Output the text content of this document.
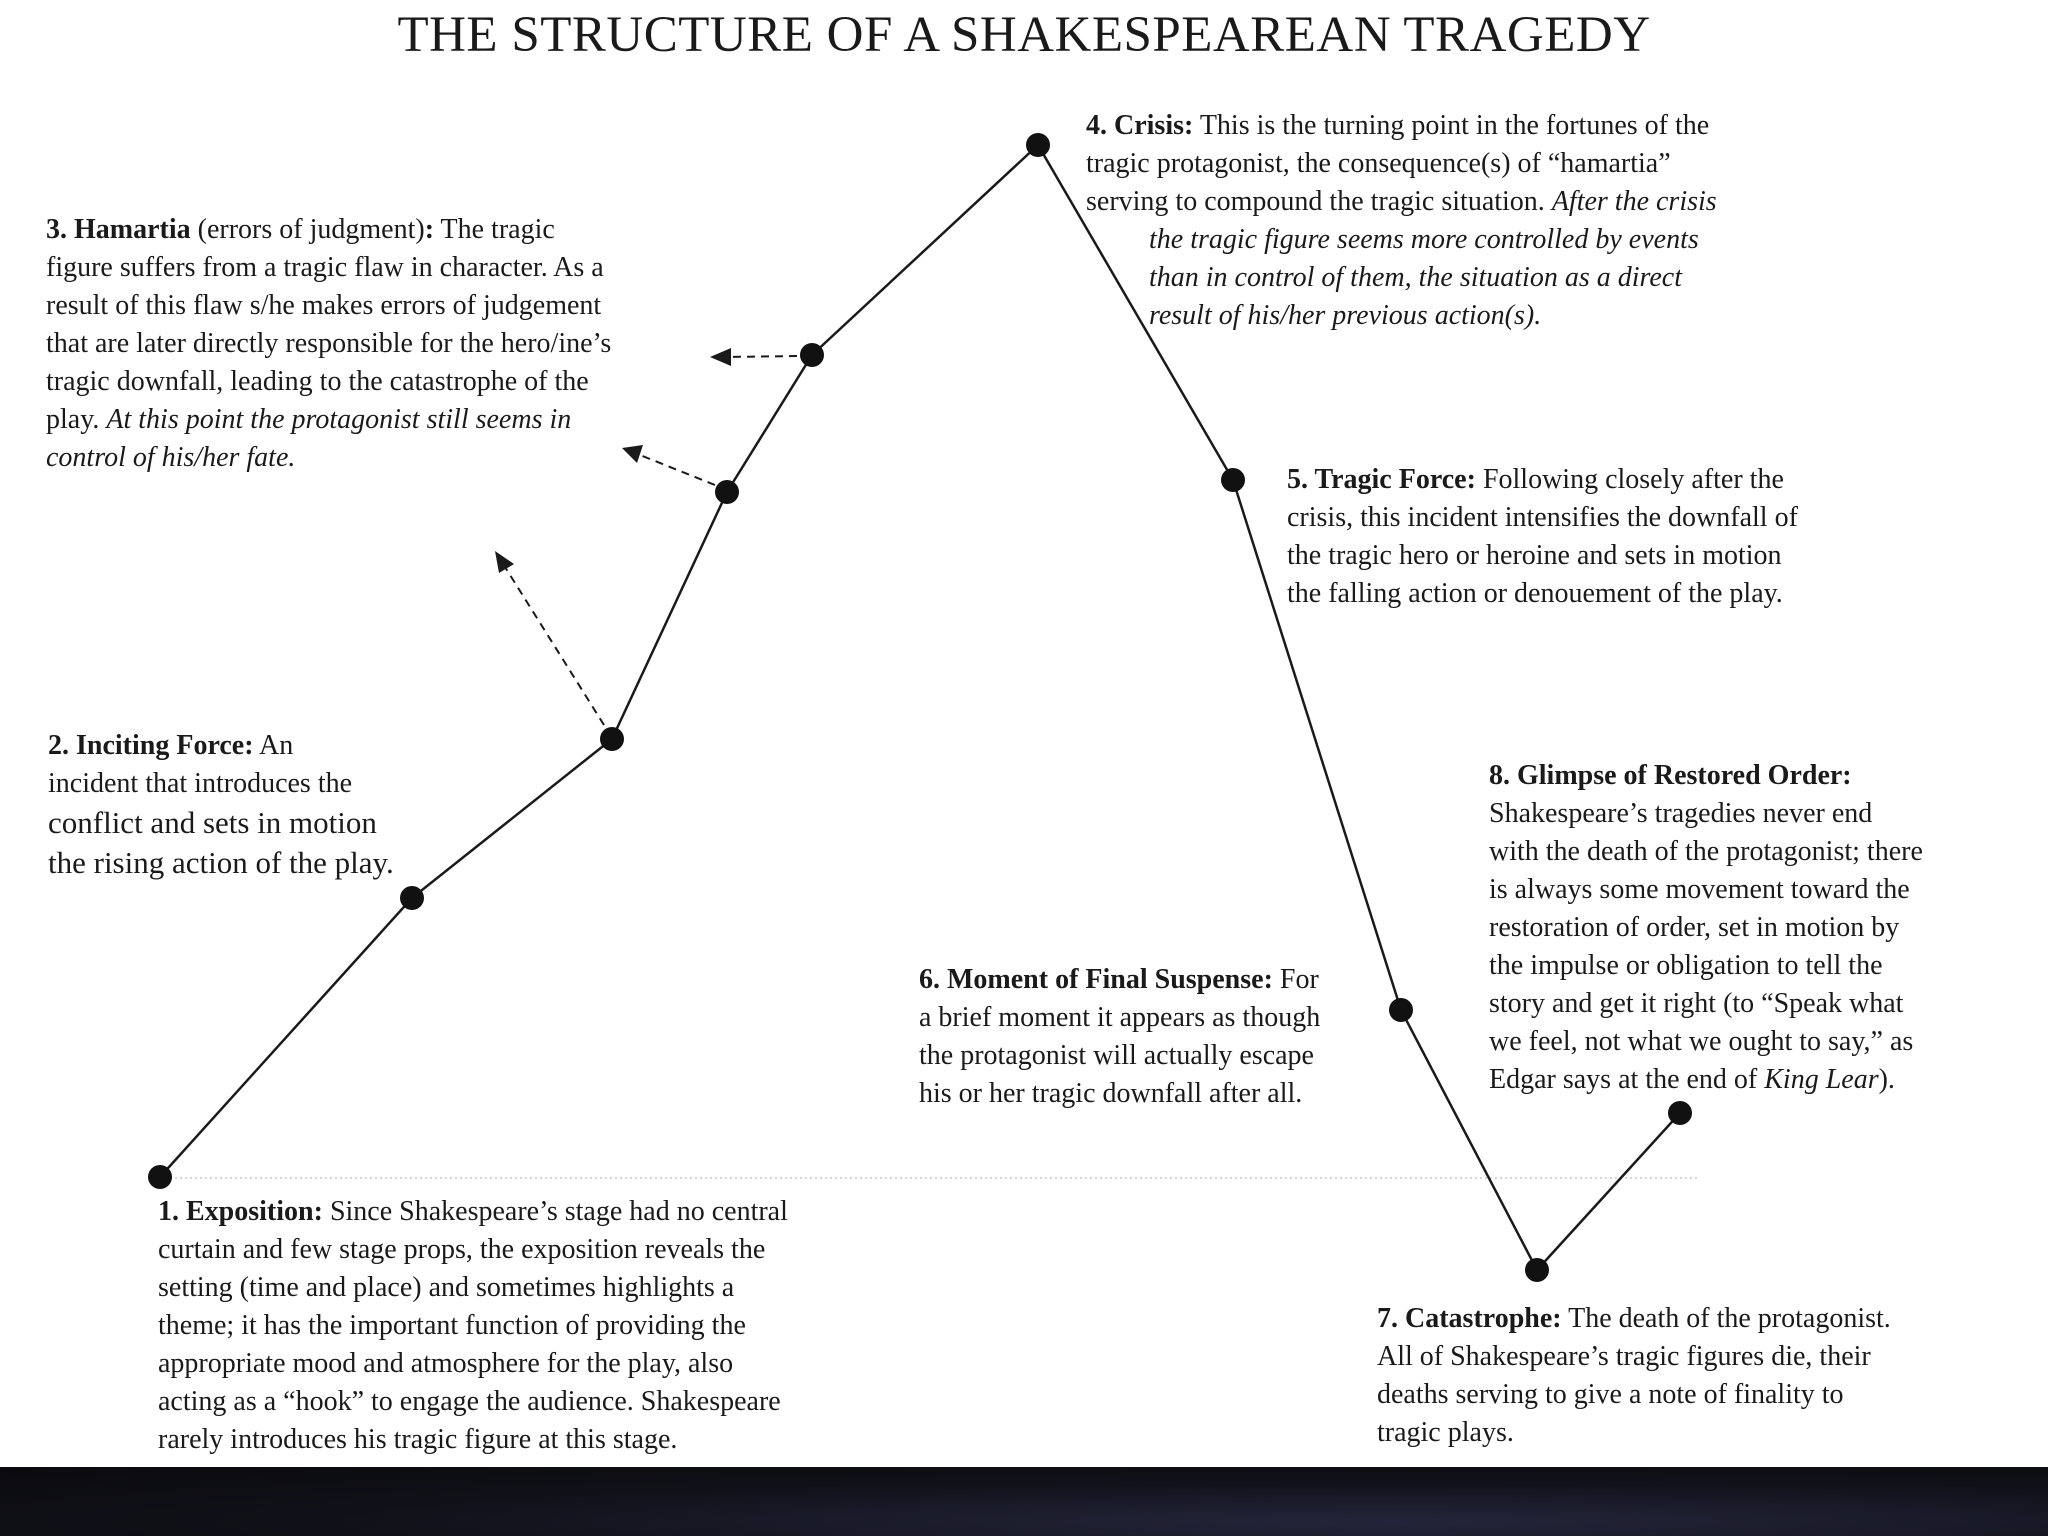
THE STRUCTURE OF A SHAKESPEAREAN TRAGEDY
4. Crisis: This is the turning point in the fortunes of the
tragic protagonist, the consequence(s) of “hamartia”
serving to compound the tragic situation. After the crisis
the tragic figure seems more controlled by events
than in control of them, the situation as a direct
result of his/her previous action(s).
3. Hamartia (errors of judgment): The tragic
figure suffers from a tragic flaw in character. As a
result of this flaw s/he makes errors of judgement
that are later directly responsible for the hero/ine’s
tragic downfall, leading to the catastrophe of the
play. At this point the protagonist still seems in
control of his/her fate.
5. Tragic Force: Following closely after the
crisis, this incident intensifies the downfall of
the tragic hero or heroine and sets in motion
the falling action or denouement of the play.
2. Inciting Force: An
incident that introduces the
conflict and sets in motion
the rising action of the play.
8. Glimpse of Restored Order:
Shakespeare’s tragedies never end
with the death of the protagonist; there
is always some movement toward the
restoration of order, set in motion by
the impulse or obligation to tell the
story and get it right (to “Speak what
we feel, not what we ought to say,” as
Edgar says at the end of King Lear).
6. Moment of Final Suspense: For
a brief moment it appears as though
the protagonist will actually escape
his or her tragic downfall after all.
1. Exposition: Since Shakespeare’s stage had no central
curtain and few stage props, the exposition reveals the
setting (time and place) and sometimes highlights a
theme; it has the important function of providing the
appropriate mood and atmosphere for the play, also
acting as a “hook” to engage the audience. Shakespeare
rarely introduces his tragic figure at this stage.
7. Catastrophe: The death of the protagonist.
All of Shakespeare’s tragic figures die, their
deaths serving to give a note of finality to
tragic plays.
